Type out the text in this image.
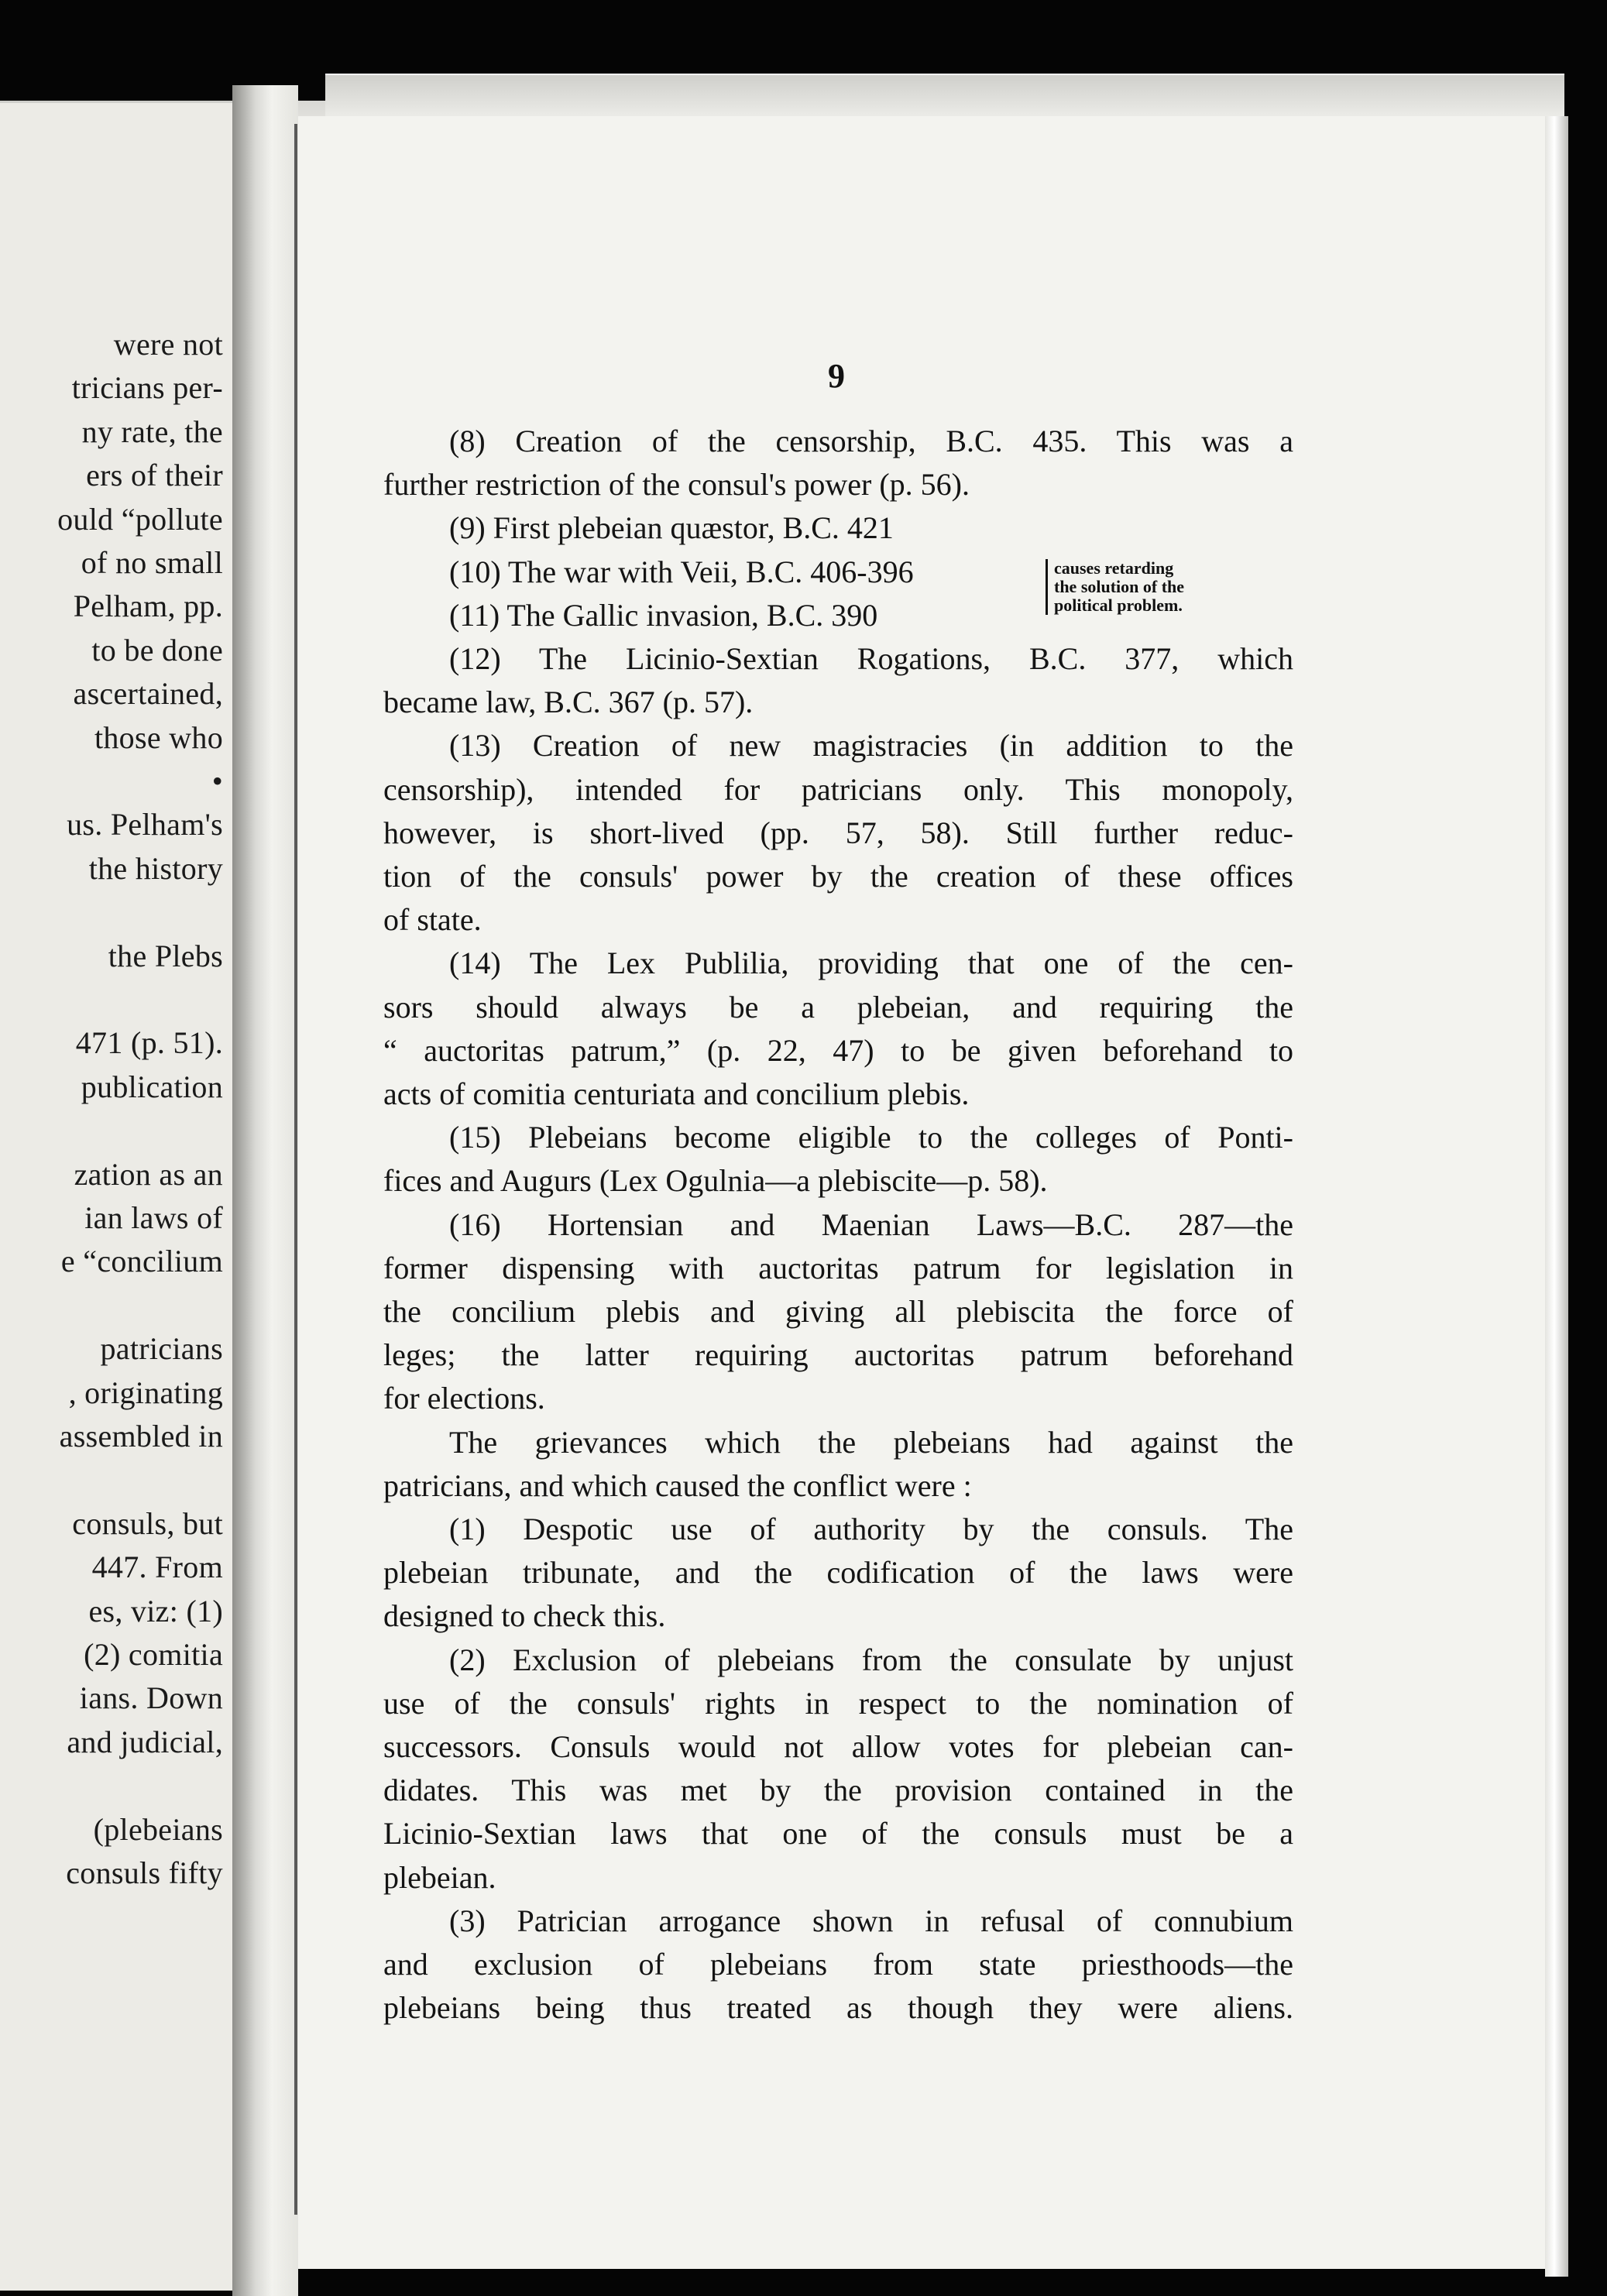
were not

tricians per-

ny rate, the

ers of their

ould “pollute

of no small

Pelham, pp.

to be done

ascertained,

those who

•

us. Pelham's

the history

the Plebs

471 (p. 51).

publication

zation as an

ian laws of

e “concilium

patricians

, originating

assembled in

consuls, but

447. From

es, viz: (1)

(2) comitia

ians. Down

and judicial,

(plebeians

consuls fifty

9

(8) Creation of the censorship, B.C. 435. This was a

further restriction of the consul's power (p. 56).

(9) First plebeian quæstor, B.C. 421

(10) The war with Veii, B.C. 406-396

(11) The Gallic invasion, B.C. 390

(12) The Licinio-Sextian Rogations, B.C. 377, which

became law, B.C. 367 (p. 57).

(13) Creation of new magistracies (in addition to the

censorship), intended for patricians only. This monopoly,

however, is short-lived (pp. 57, 58). Still further reduc-

tion of the consuls' power by the creation of these offices

of state.

(14) The Lex Publilia, providing that one of the cen-

sors should always be a plebeian, and requiring the

“ auctoritas patrum,” (p. 22, 47) to be given beforehand to

acts of comitia centuriata and concilium plebis.

(15) Plebeians become eligible to the colleges of Ponti-

fices and Augurs (Lex Ogulnia—a plebiscite—p. 58).

(16) Hortensian and Maenian Laws—B.C. 287—the

former dispensing with auctoritas patrum for legislation in

the concilium plebis and giving all plebiscita the force of

leges; the latter requiring auctoritas patrum beforehand

for elections.

The grievances which the plebeians had against the

patricians, and which caused the conflict were :

(1) Despotic use of authority by the consuls. The

plebeian tribunate, and the codification of the laws were

designed to check this.

(2) Exclusion of plebeians from the consulate by unjust

use of the consuls' rights in respect to the nomination of

successors. Consuls would not allow votes for plebeian can-

didates. This was met by the provision contained in the

Licinio-Sextian laws that one of the consuls must be a

plebeian.

(3) Patrician arrogance shown in refusal of connubium

and exclusion of plebeians from state priesthoods—the

plebeians being thus treated as though they were aliens.

causes retarding
the solution of the
political problem.
